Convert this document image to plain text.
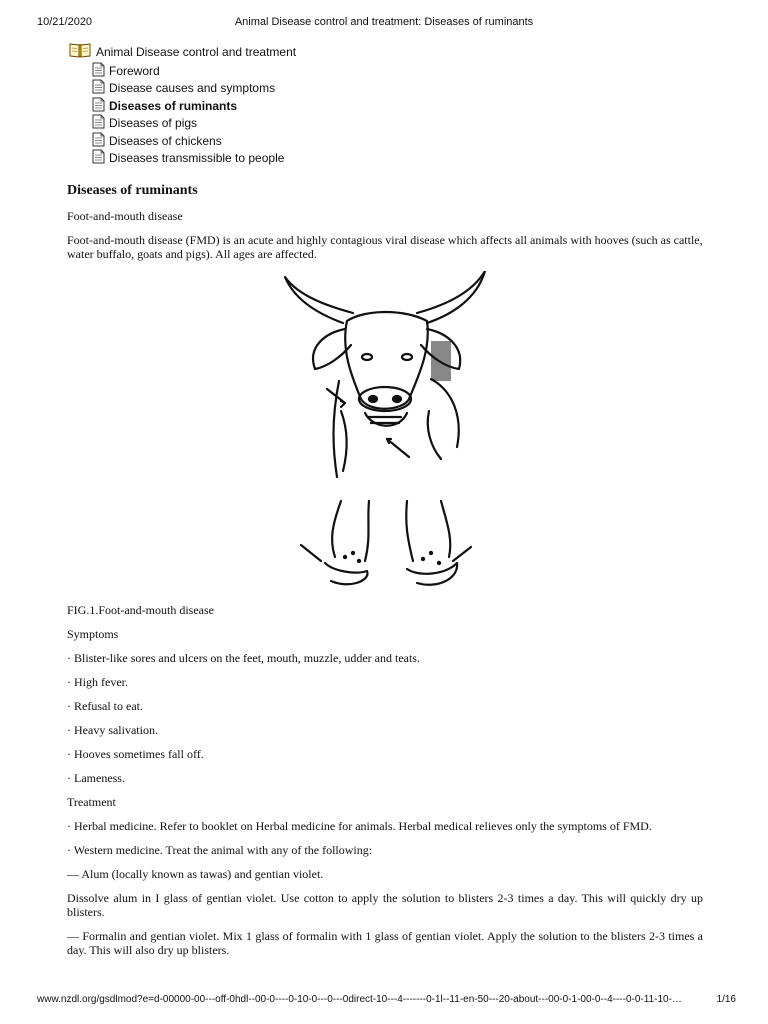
10/21/2020	Animal Disease control and treatment: Diseases of ruminants
Animal Disease control and treatment
Foreword
Disease causes and symptoms
Diseases of ruminants
Diseases of pigs
Diseases of chickens
Diseases transmissible to people
Diseases of ruminants

Foot-and-mouth disease

Foot-and-mouth disease (FMD) is an acute and highly contagious viral disease which affects all animals with hooves (such as cattle, water buffalo, goats and pigs). All ages are affected.

FIG.1.Foot-and-mouth disease

Symptoms

· Blister-like sores and ulcers on the feet, mouth, muzzle, udder and teats.

· High fever.

· Refusal to eat.

· Heavy salivation.

· Hooves sometimes fall off.

· Lameness.

Treatment

· Herbal medicine. Refer to booklet on Herbal medicine for animals. Herbal medical relieves only the symptoms of FMD.

· Western medicine. Treat the animal with any of the following:

— Alum (locally known as tawas) and gentian violet.

Dissolve alum in I glass of gentian violet. Use cotton to apply the solution to blisters 2-3 times a day. This will quickly dry up blisters.

— Formalin and gentian violet. Mix 1 glass of formalin with 1 glass of gentian violet. Apply the solution to the blisters 2-3 times a day. This will also dry up blisters.

www.nzdl.org/gsdlmod?e=d-00000-00---off-0hdl--00-0----0-10-0---0---0direct-10---4-------0-1l--11-en-50---20-about---00-0-1-00-0--4----0-0-11-10-…	1/16
